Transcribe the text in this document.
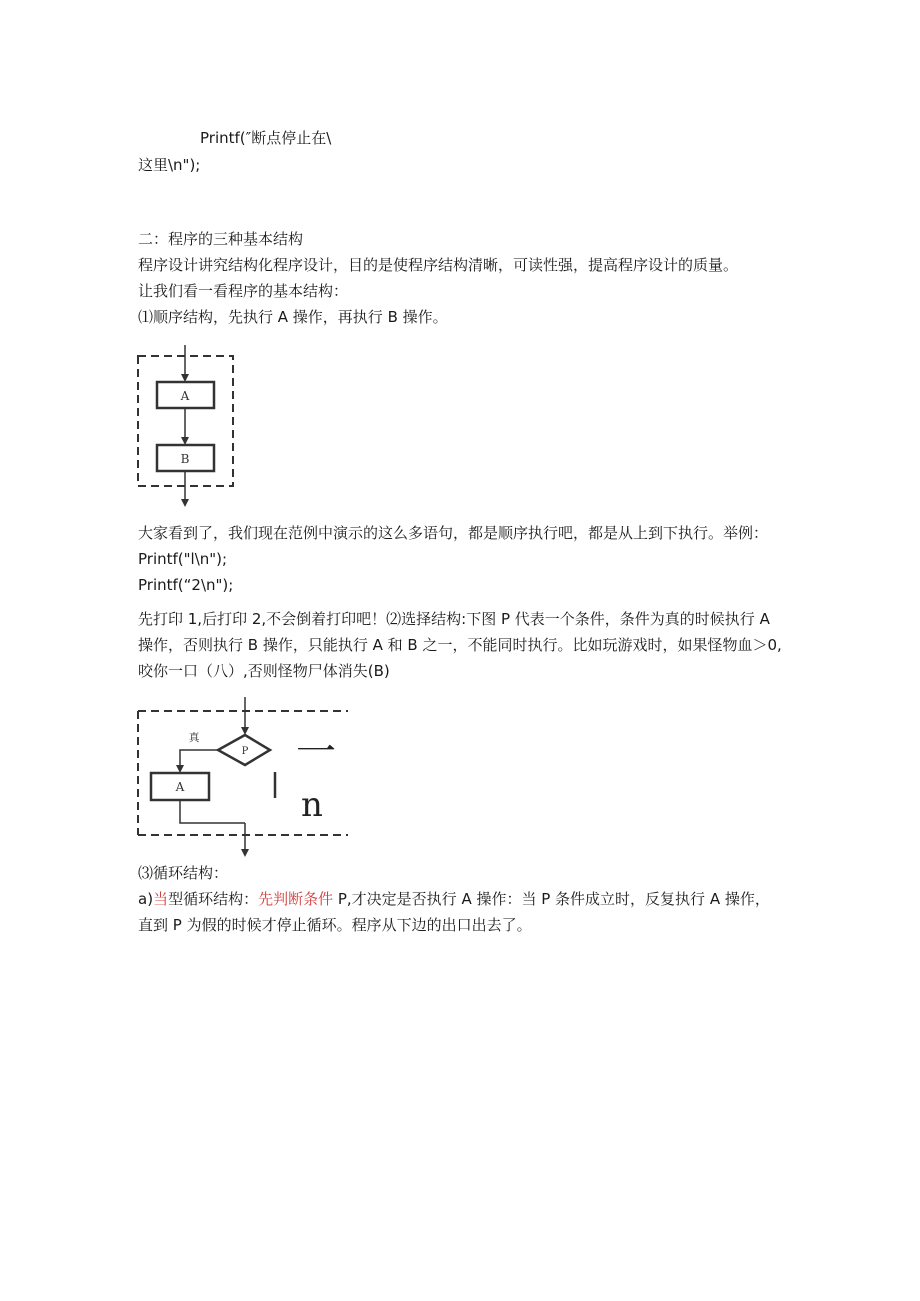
Printf(″断点停止在\
这里\n");
二：程序的三种基本结构
程序设计讲究结构化程序设计，目的是使程序结构清晰，可读性强，提高程序设计的质量。
让我们看一看程序的基本结构：
⑴顺序结构，先执行 A 操作，再执行 B 操作。
A
B
大家看到了，我们现在范例中演示的这么多语句，都是顺序执行吧，都是从上到下执行。举例：
Printf("l\n");
Printf(“2\n");
先打印 1,后打印 2,不会倒着打印吧！⑵选择结构:下图 P 代表一个条件，条件为真的时候执行 A
操作，否则执行 B 操作，只能执行 A 和 B 之一，不能同时执行。比如玩游戏时，如果怪物血＞0,
咬你一口（八）,否则怪物尸体消失(B)
P
真
A
一
n
⑶循环结构：
a)当型循环结构：先判断条件 P,才决定是否执行 A 操作：当 P 条件成立时，反复执行 A 操作，
直到 P 为假的时候才停止循环。程序从下边的出口出去了。
